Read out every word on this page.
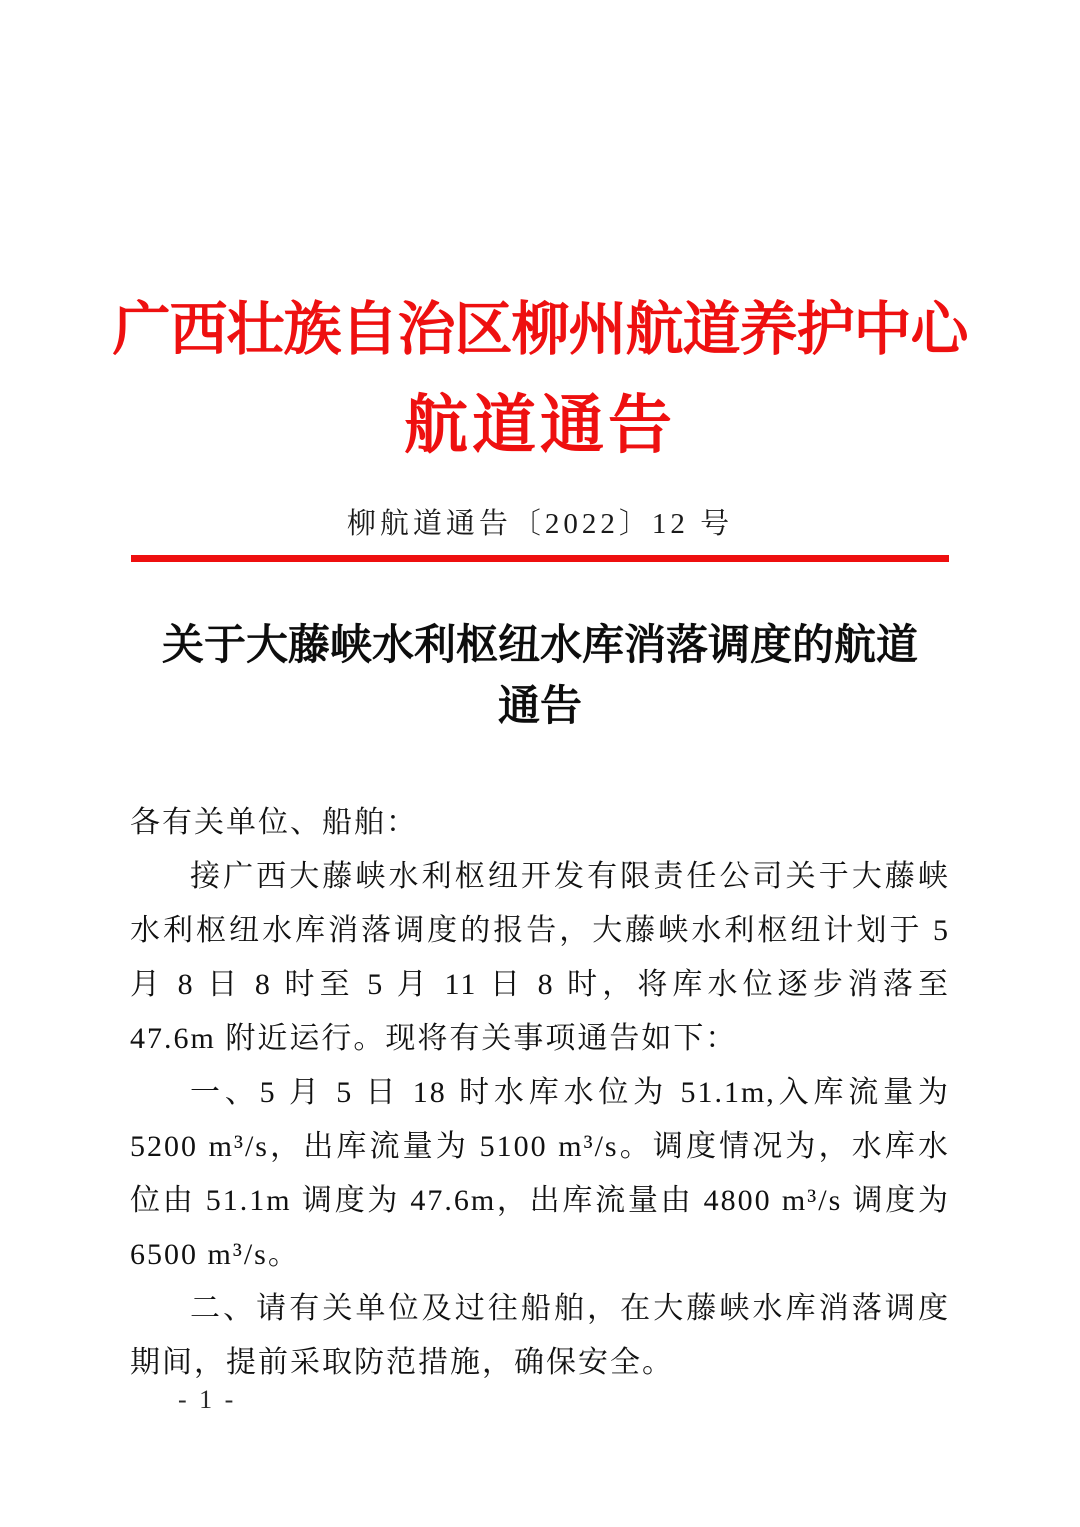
广西壮族自治区柳州航道养护中心
航道通告
柳航道通告〔2022〕12 号
关于大藤峡水利枢纽水库消落调度的航道通告

各有关单位、船舶：

接广西大藤峡水利枢纽开发有限责任公司关于大藤峡水利枢纽水库消落调度的报告，大藤峡水利枢纽计划于 5 月 8 日 8 时至 5 月 11 日 8 时，将库水位逐步消落至 47.6m 附近运行。现将有关事项通告如下：

一、5 月 5 日 18 时水库水位为 51.1m,入库流量为 5200 m³/s，出库流量为 5100 m³/s。调度情况为，水库水位由 51.1m 调度为 47.6m，出库流量由 4800 m³/s 调度为 6500 m³/s。

二、请有关单位及过往船舶，在大藤峡水库消落调度期间，提前采取防范措施，确保安全。

- 1 -
